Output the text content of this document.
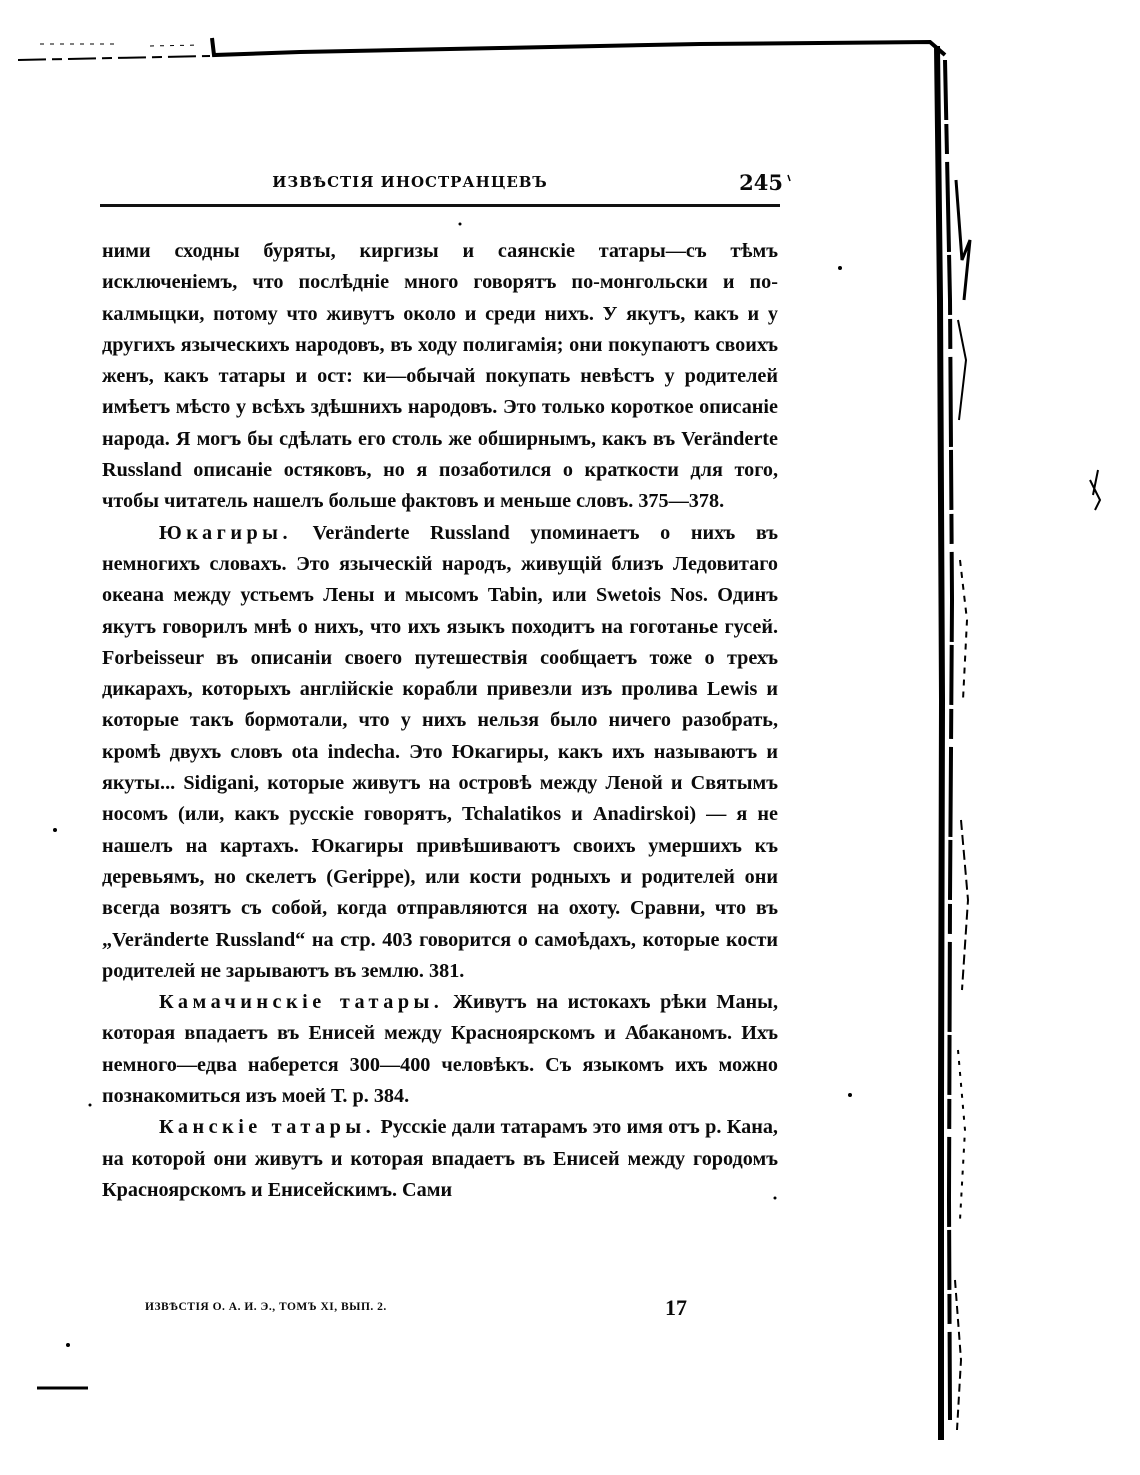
ИЗВѢСТІЯ ИНОСТРАНЦЕВЪ	245

ними сходны буряты, киргизы и саянскіе татары—съ тѣмъ исключеніемъ, что послѣдніе много говорятъ по-монгольски и по-калмыцки, потому что живутъ около и среди нихъ. У якутъ, какъ и у другихъ языческихъ народовъ, въ ходу полигамія; они покупаютъ своихъ женъ, какъ татары и ост: ки—обычай покупать невѣстъ у родителей имѣетъ мѣсто у всѣхъ здѣшнихъ народовъ. Это только короткое описаніе народа. Я могъ бы сдѣлать его столь же обширнымъ, какъ въ Veränderte Russland описаніе остяковъ, но я позаботился о краткости для того, чтобы читатель нашелъ больше фактовъ и меньше словъ. 375—378.

Юкагиры. Veränderte Russland упоминаетъ о нихъ въ немногихъ словахъ. Это языческій народъ, живущій близъ Ледовитаго океана между устьемъ Лены и мысомъ Tabin, или Swetois Nos. Одинъ якутъ говорилъ мнѣ о нихъ, что ихъ языкъ походитъ на гоготанье гусей. Forbeisseur въ описаніи своего путешествія сообщаетъ тоже о трехъ дикарахъ, которыхъ англійскіе корабли привезли изъ пролива Lewis и которые такъ бормотали, что у нихъ нельзя было ничего разобрать, кромѣ двухъ словъ ota indecha. Это Юкагиры, какъ ихъ называютъ и якуты... Sidigani, которые живутъ на островѣ между Леной и Святымъ носомъ (или, какъ русскіе говорятъ, Tchalatikos и Anadirskoi) — я не нашелъ на картахъ. Юкагиры привѣшиваютъ своихъ умершихъ къ деревьямъ, но скелетъ (Gerippe), или кости родныхъ и родителей они всегда возятъ съ собой, когда отправляются на охоту. Сравни, что въ „Veränderte Russland“ на стр. 403 говорится о самоѣдахъ, которые кости родителей не зарываютъ въ землю. 381.

Камачинскіе татары. Живутъ на истокахъ рѣки Маны, которая впадаетъ въ Енисей между Красноярскомъ и Абаканомъ. Ихъ немного—едва наберется 300—400 человѣкъ. Съ языкомъ ихъ можно познакомиться изъ моей Т. р. 384.

Канскіе татары. Русскіе дали татарамъ это имя отъ р. Кана, на которой они живутъ и которая впадаетъ въ Енисей между городомъ Красноярскомъ и Енисейскимъ. Сами

ИЗВѢСТІЯ О. А. И. Э., ТОМЪ XI, ВЫП. 2.	17
